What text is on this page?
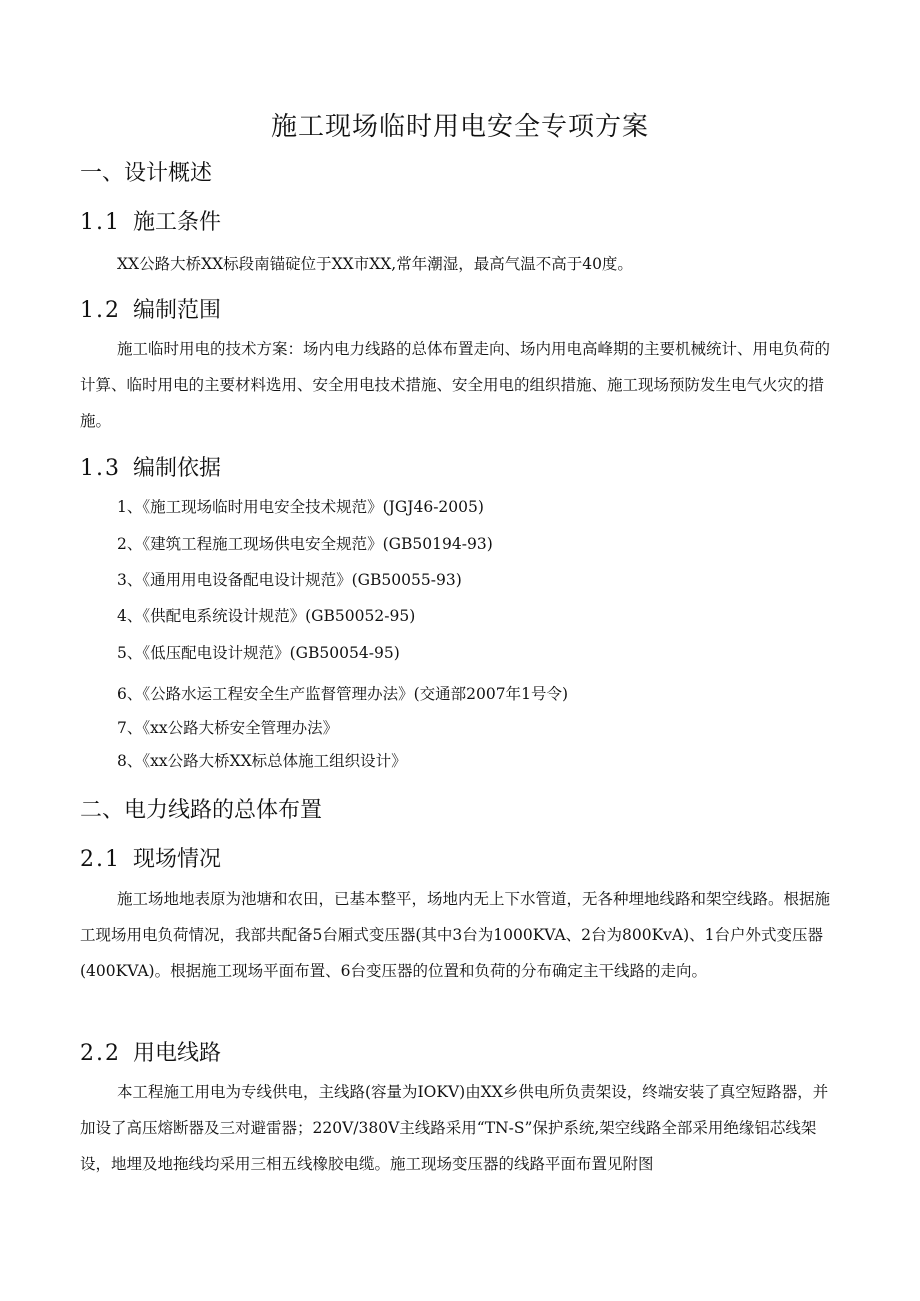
施工现场临时用电安全专项方案
一、设计概述
1.1 施工条件
XX公路大桥XX标段南锚碇位于XX市XX,常年潮湿，最高气温不高于40度。
1.2 编制范围
施工临时用电的技术方案：场内电力线路的总体布置走向、场内用电高峰期的主要机械统计、用电负荷的计算、临时用电的主要材料选用、安全用电技术措施、安全用电的组织措施、施工现场预防发生电气火灾的措施。
1.3 编制依据
1、《施工现场临时用电安全技术规范》(JGJ46-2005)
2、《建筑工程施工现场供电安全规范》(GB50194-93)
3、《通用用电设备配电设计规范》(GB50055-93)
4、《供配电系统设计规范》(GB50052-95)
5、《低压配电设计规范》(GB50054-95)
6、《公路水运工程安全生产监督管理办法》(交通部2007年1号令)
7、《xx公路大桥安全管理办法》
8、《xx公路大桥XX标总体施工组织设计》
二、电力线路的总体布置
2.1 现场情况
施工场地地表原为池塘和农田，已基本整平，场地内无上下水管道，无各种埋地线路和架空线路。根据施工现场用电负荷情况，我部共配备5台厢式变压器(其中3台为1000KVA、2台为800KvA)、1台户外式变压器(400KVA)。根据施工现场平面布置、6台变压器的位置和负荷的分布确定主干线路的走向。
2.2 用电线路
本工程施工用电为专线供电，主线路(容量为IOKV)由XX乡供电所负责架设，终端安装了真空短路器，并加设了高压熔断器及三对避雷器；220V/380V主线路采用“TN-S”保护系统,架空线路全部采用绝缘铝芯线架设，地埋及地拖线均采用三相五线橡胶电缆。施工现场变压器的线路平面布置见附图
